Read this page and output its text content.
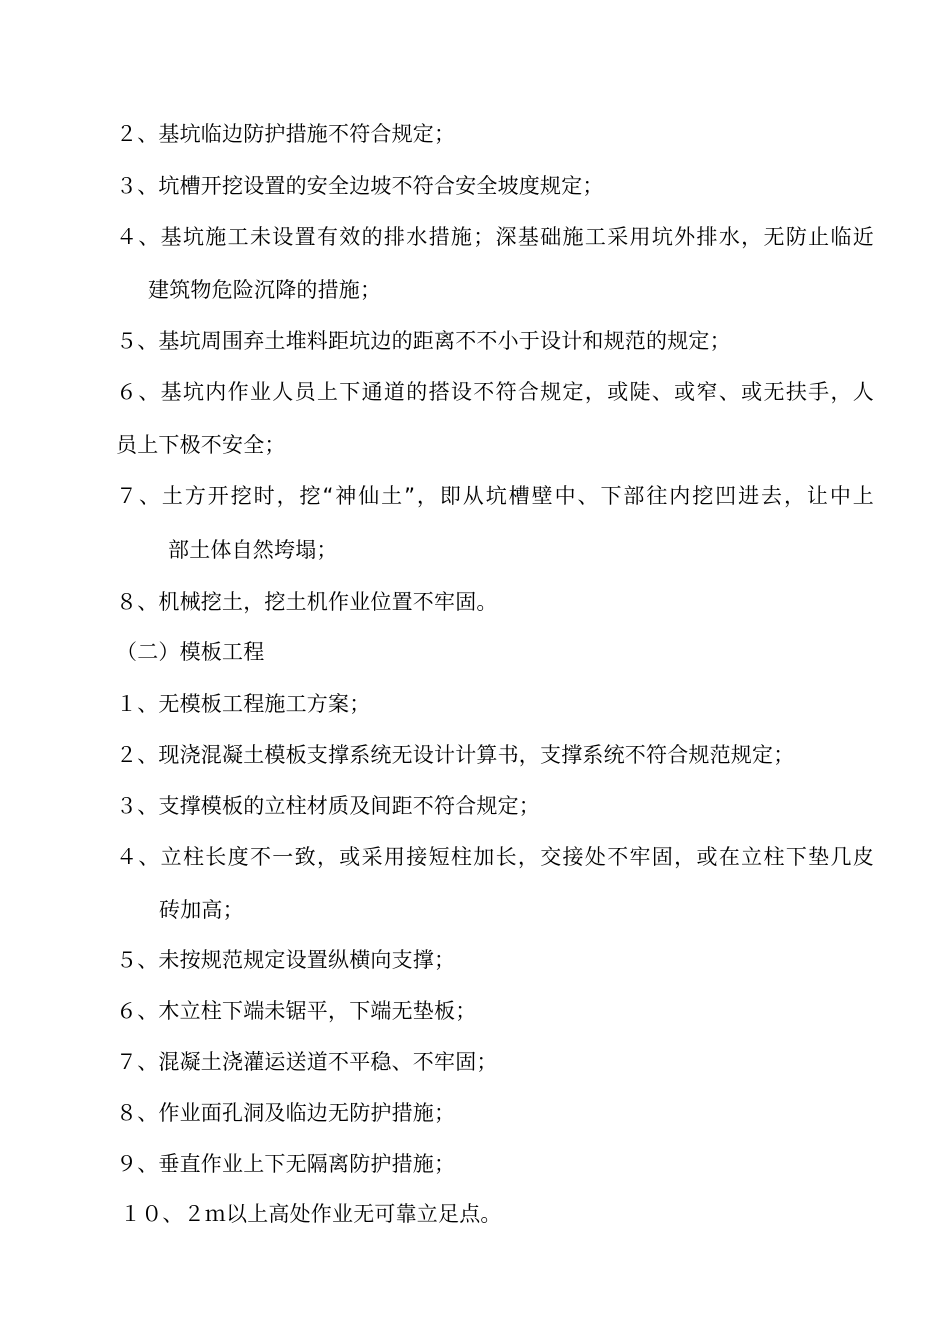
２、基坑临边防护措施不符合规定；
３、坑槽开挖设置的安全边坡不符合安全坡度规定；
４、基坑施工未设置有效的排水措施；深基础施工采用坑外排水，无防止临近
建筑物危险沉降的措施；
５、基坑周围弃土堆料距坑边的距离不不小于设计和规范的规定；
６、基坑内作业人员上下通道的搭设不符合规定，或陡、或窄、或无扶手，人
员上下极不安全；
７、土方开挖时，挖“神仙土”，即从坑槽壁中、下部往内挖凹进去，让中上
部土体自然垮塌；
８、机械挖土，挖土机作业位置不牢固。
（二）模板工程
１、无模板工程施工方案；
２、现浇混凝土模板支撑系统无设计计算书，支撑系统不符合规范规定；
３、支撑模板的立柱材质及间距不符合规定；
４、立柱长度不一致，或采用接短柱加长，交接处不牢固，或在立柱下垫几皮
砖加高；
５、未按规范规定设置纵横向支撑；
６、木立柱下端未锯平，下端无垫板；
７、混凝土浇灌运送道不平稳、不牢固；
８、作业面孔洞及临边无防护措施；
９、垂直作业上下无隔离防护措施；
１０、２ｍ以上高处作业无可靠立足点。
